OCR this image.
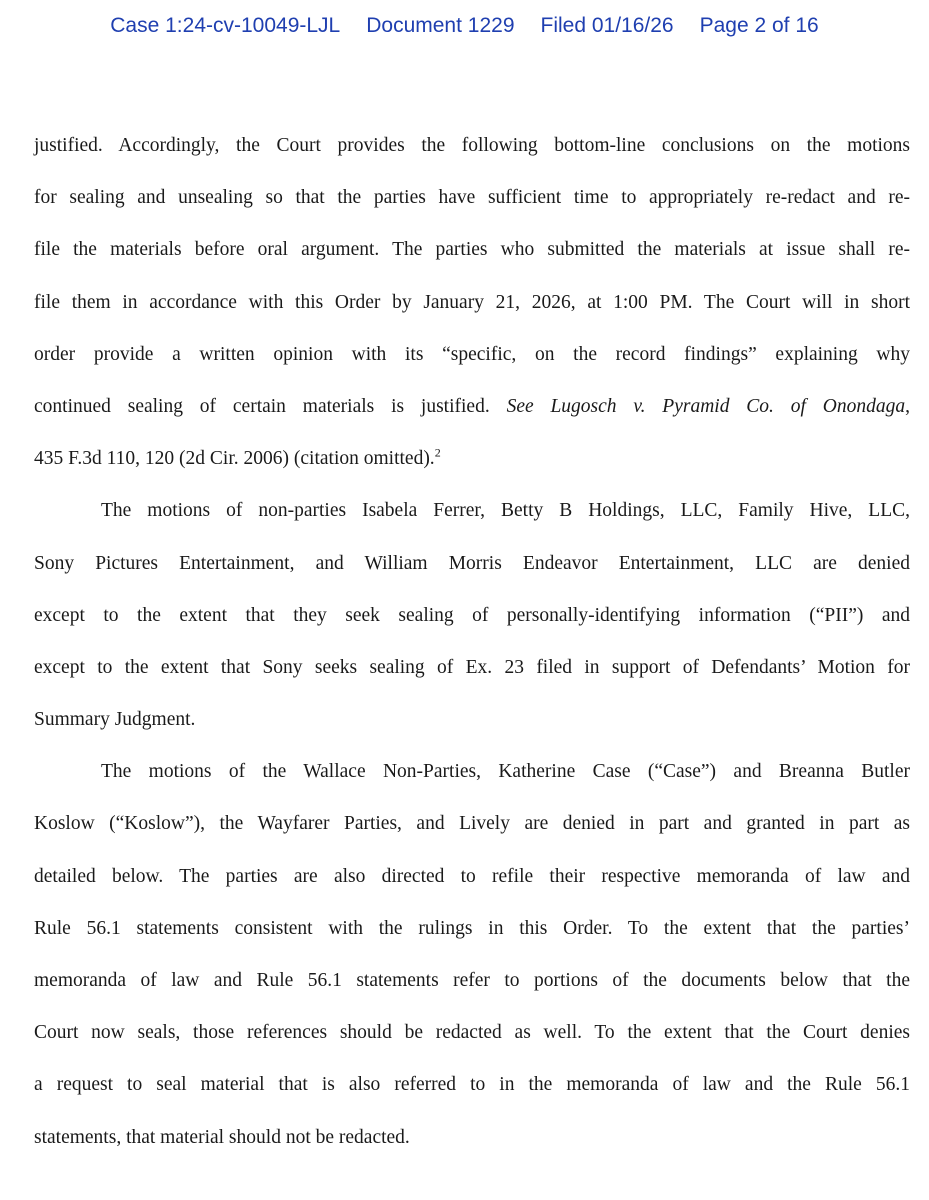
Case 1:24-cv-10049-LJL Document 1229 Filed 01/16/26 Page 2 of 16
justified. Accordingly, the Court provides the following bottom-line conclusions on the motions
for sealing and unsealing so that the parties have sufficient time to appropriately re-redact and re-
file the materials before oral argument. The parties who submitted the materials at issue shall re-
file them in accordance with this Order by January 21, 2026, at 1:00 PM. The Court will in short
order provide a written opinion with its “specific, on the record findings” explaining why
continued sealing of certain materials is justified. See Lugosch v. Pyramid Co. of Onondaga,
435 F.3d 110, 120 (2d Cir. 2006) (citation omitted).$^2$
The motions of non-parties Isabela Ferrer, Betty B Holdings, LLC, Family Hive, LLC,
Sony Pictures Entertainment, and William Morris Endeavor Entertainment, LLC are denied
except to the extent that they seek sealing of personally-identifying information (“PII”) and
except to the extent that Sony seeks sealing of Ex. 23 filed in support of Defendants’ Motion for
Summary Judgment.
The motions of the Wallace Non-Parties, Katherine Case (“Case”) and Breanna Butler
Koslow (“Koslow”), the Wayfarer Parties, and Lively are denied in part and granted in part as
detailed below. The parties are also directed to refile their respective memoranda of law and
Rule 56.1 statements consistent with the rulings in this Order. To the extent that the parties’
memoranda of law and Rule 56.1 statements refer to portions of the documents below that the
Court now seals, those references should be redacted as well. To the extent that the Court denies
a request to seal material that is also referred to in the memoranda of law and the Rule 56.1
statements, that material should not be redacted.
